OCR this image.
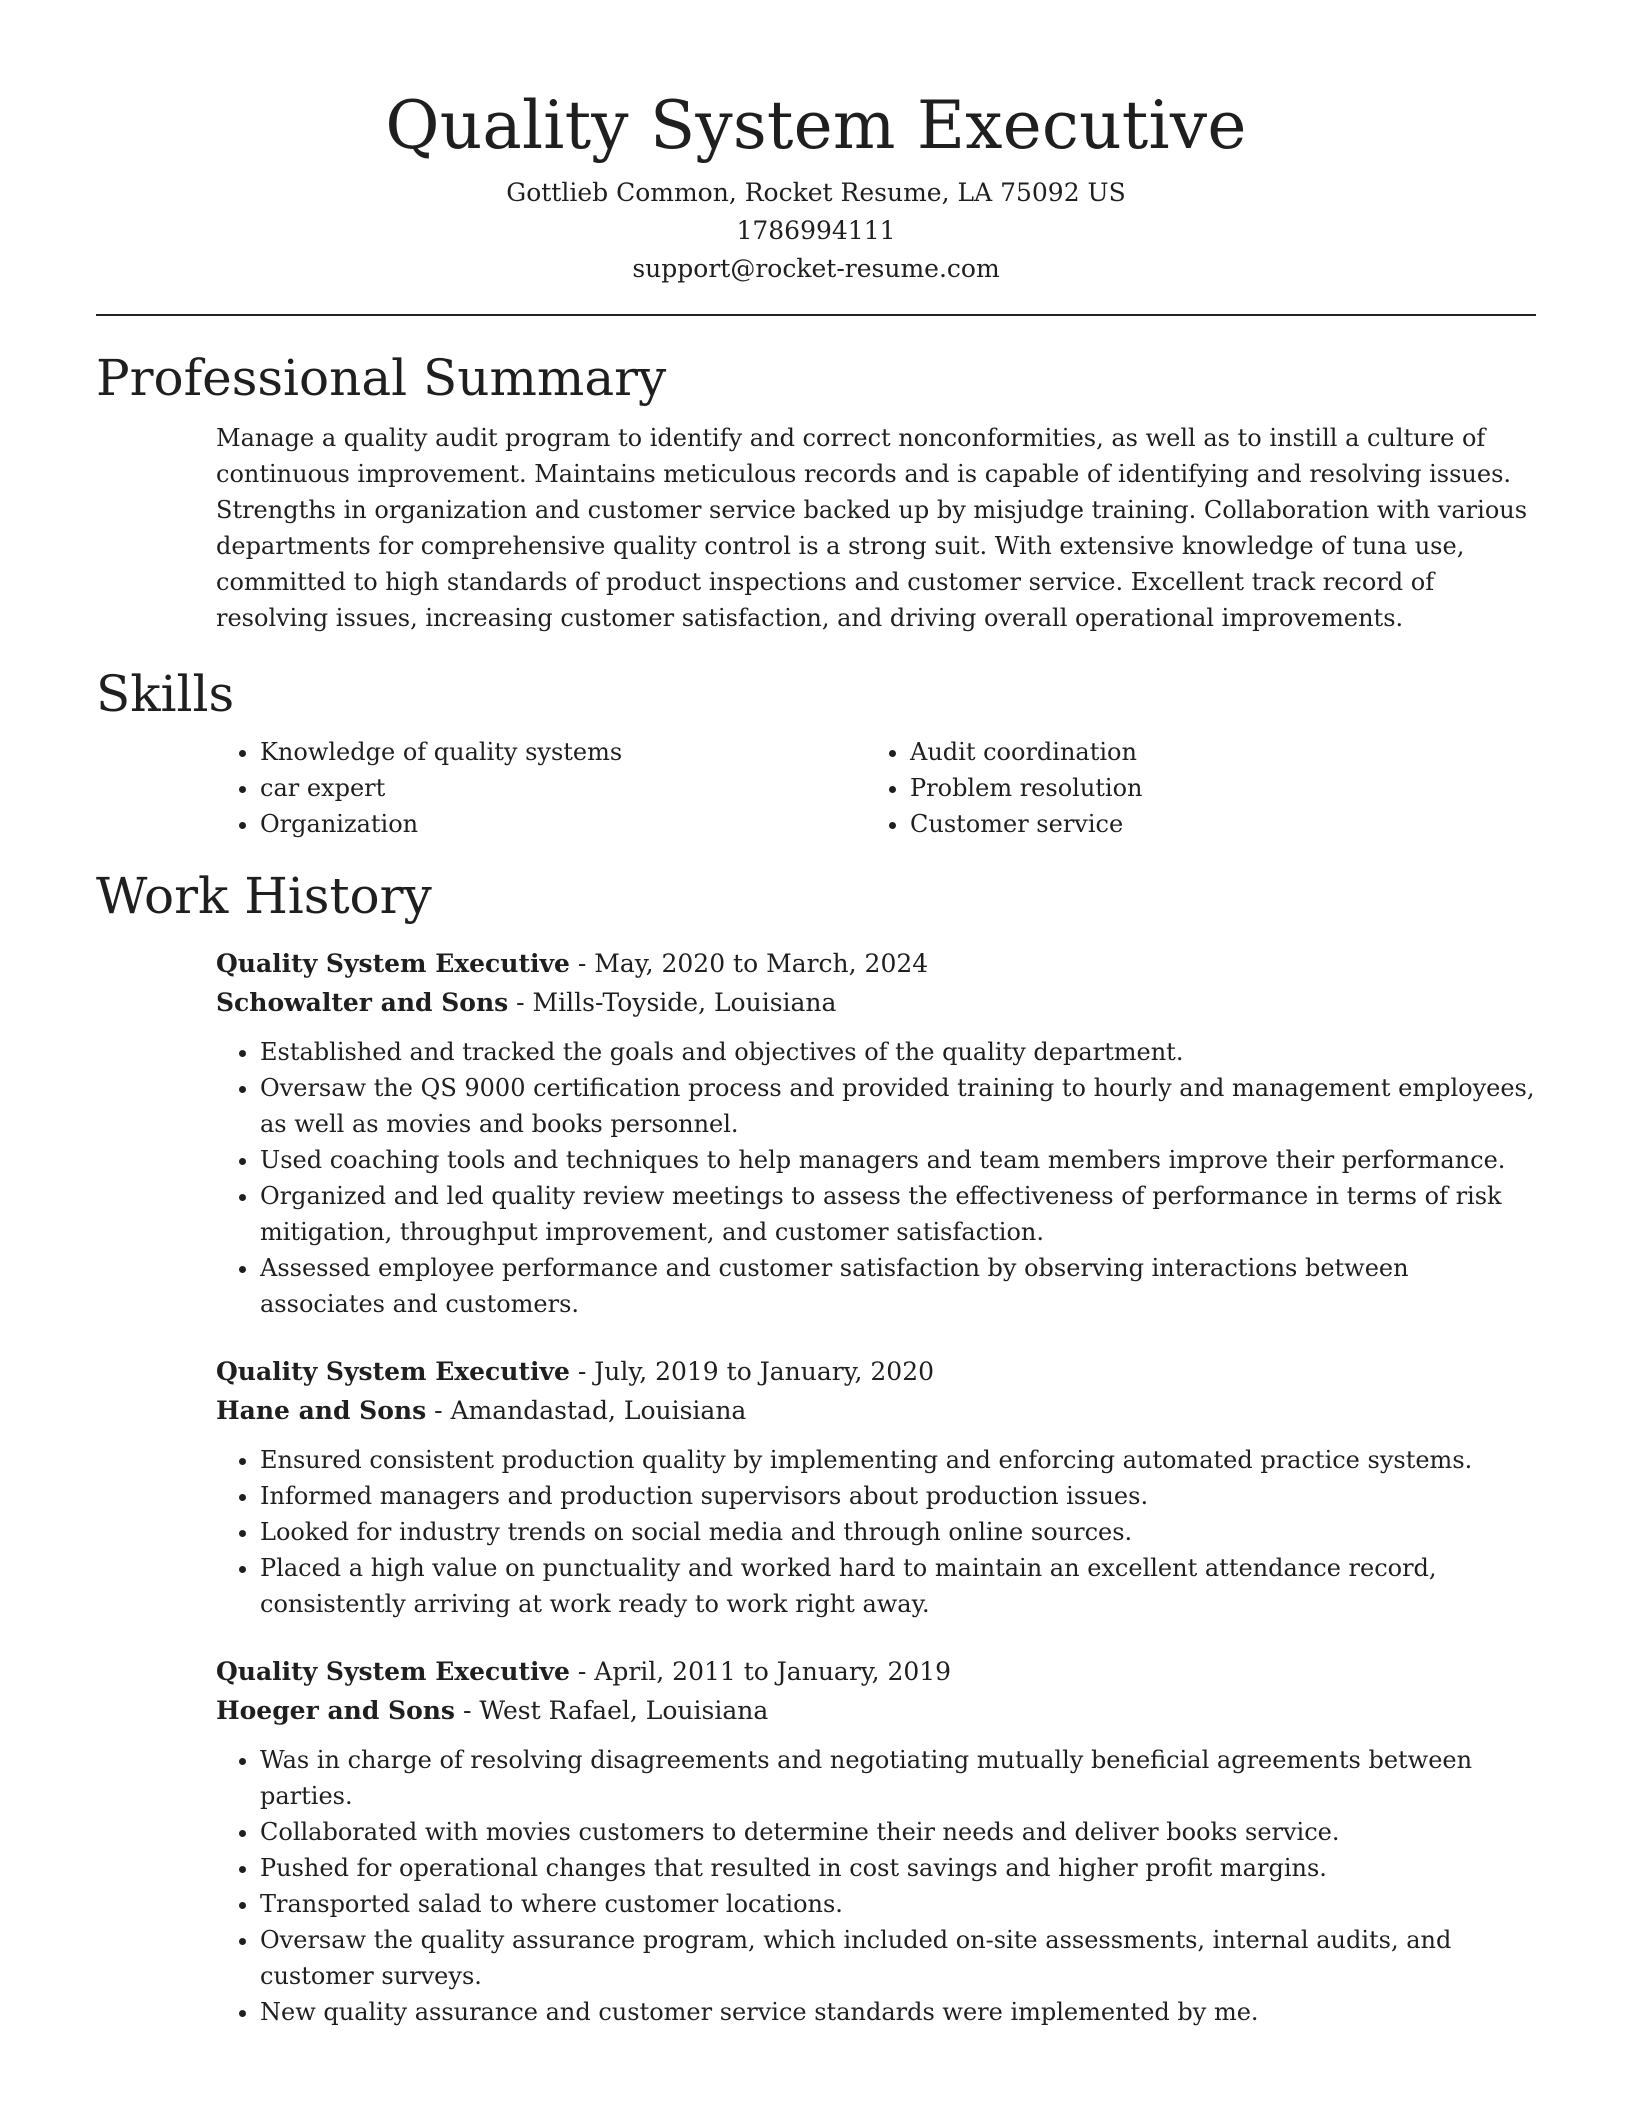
Quality System Executive

Gottlieb Common, Rocket Resume, LA 75092 US

1786994111

support@rocket-resume.com

Professional Summary

Manage a quality audit program to identify and correct nonconformities, as well as to instill a culture of continuous improvement. Maintains meticulous records and is capable of identifying and resolving issues. Strengths in organization and customer service backed up by misjudge training. Collaboration with various departments for comprehensive quality control is a strong suit. With extensive knowledge of tuna use, committed to high standards of product inspections and customer service. Excellent track record of resolving issues, increasing customer satisfaction, and driving overall operational improvements.

Skills
• Knowledge of quality systems
• car expert
• Organization
• Audit coordination
• Problem resolution
• Customer service
Work History

Quality System Executive - May, 2020 to March, 2024

Schowalter and Sons - Mills-Toyside, Louisiana

• Established and tracked the goals and objectives of the quality department.
• Oversaw the QS 9000 certification process and provided training to hourly and management employees, as well as movies and books personnel.
• Used coaching tools and techniques to help managers and team members improve their performance.
• Organized and led quality review meetings to assess the effectiveness of performance in terms of risk mitigation, throughput improvement, and customer satisfaction.
• Assessed employee performance and customer satisfaction by observing interactions between associates and customers.

Quality System Executive - July, 2019 to January, 2020

Hane and Sons - Amandastad, Louisiana

• Ensured consistent production quality by implementing and enforcing automated practice systems.
• Informed managers and production supervisors about production issues.
• Looked for industry trends on social media and through online sources.
• Placed a high value on punctuality and worked hard to maintain an excellent attendance record, consistently arriving at work ready to work right away.

Quality System Executive - April, 2011 to January, 2019

Hoeger and Sons - West Rafael, Louisiana

• Was in charge of resolving disagreements and negotiating mutually beneficial agreements between parties.
• Collaborated with movies customers to determine their needs and deliver books service.
• Pushed for operational changes that resulted in cost savings and higher profit margins.
• Transported salad to where customer locations.
• Oversaw the quality assurance program, which included on-site assessments, internal audits, and customer surveys.
• New quality assurance and customer service standards were implemented by me.
